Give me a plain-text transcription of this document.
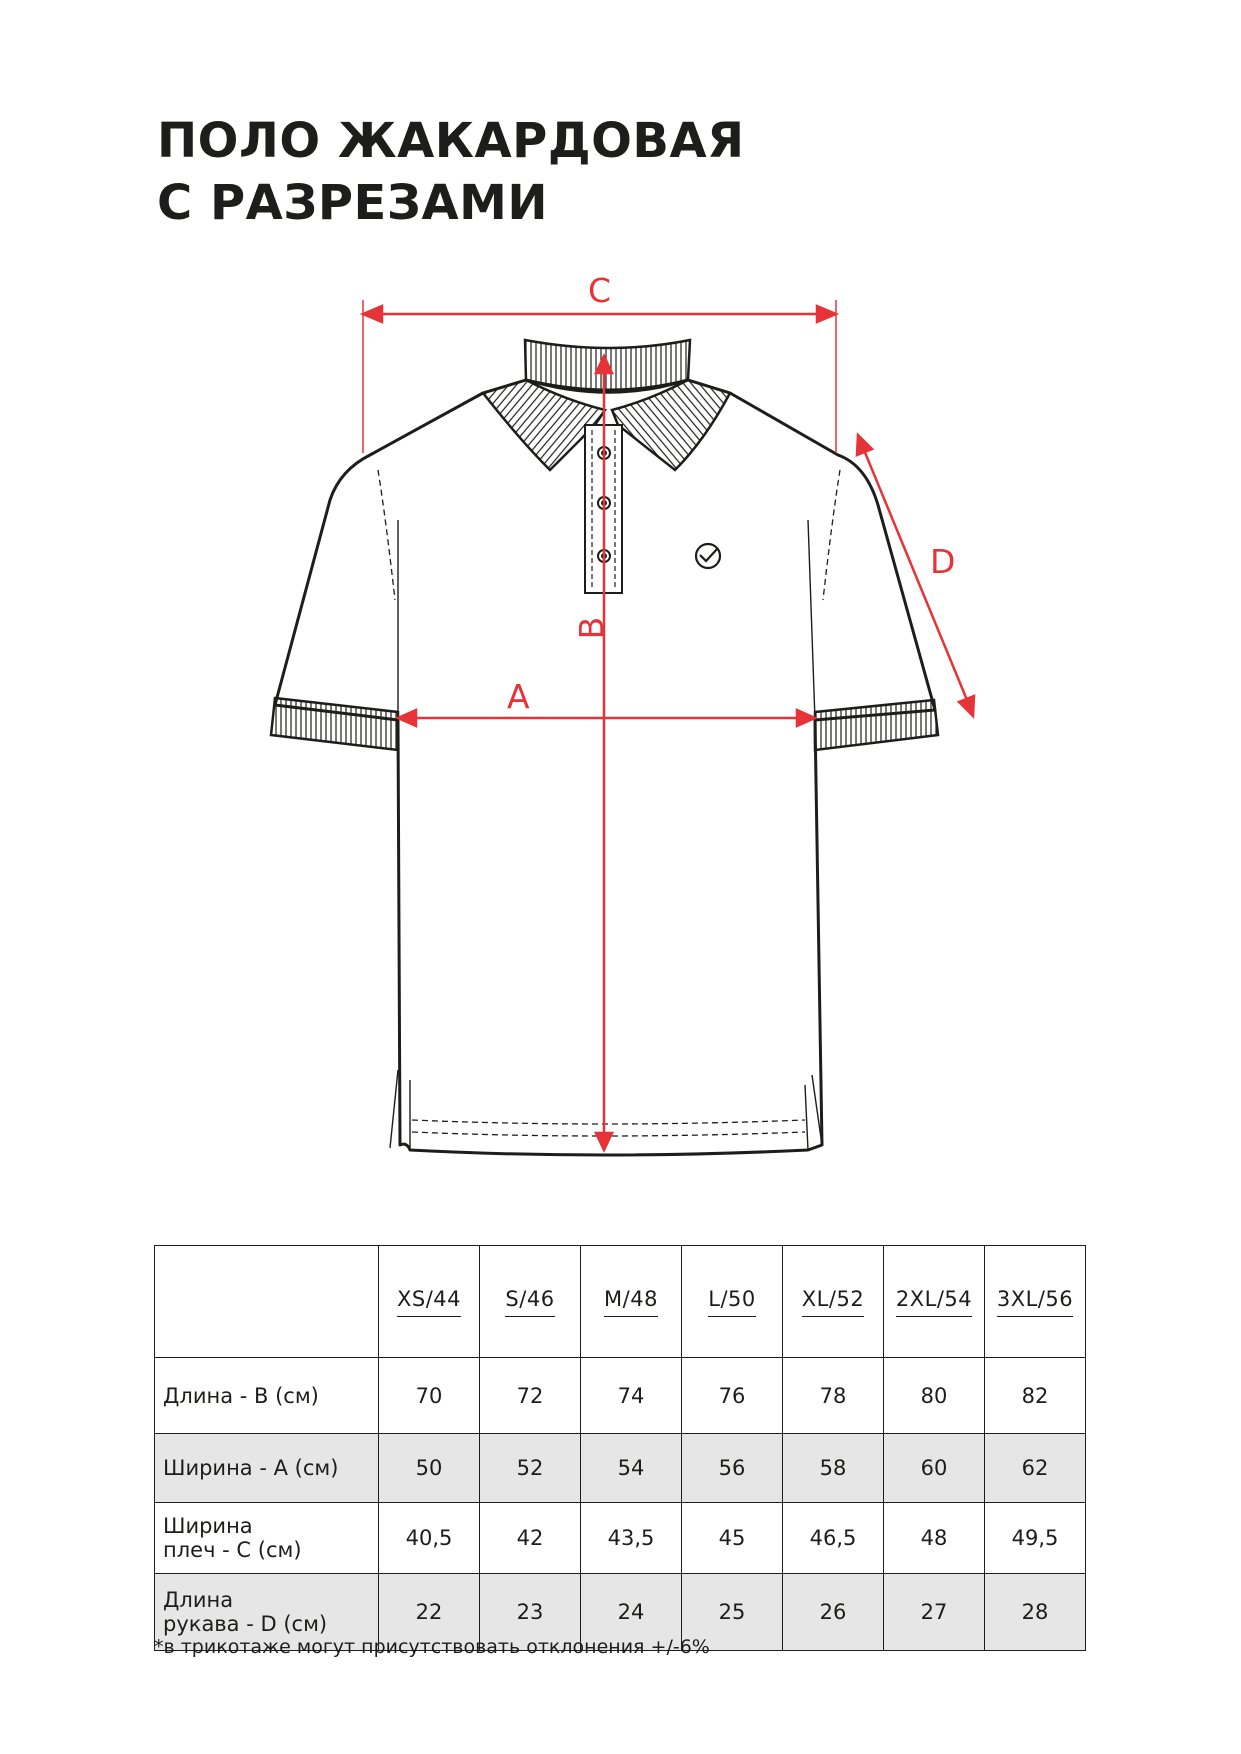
ПОЛО ЖАКАРДОВАЯ
С РАЗРЕЗАМИ
C
A
D
B
	XS/44	S/46	M/48	L/50	XL/52	2XL/54	3XL/56
Длина - В (см)	70	72	74	76	78	80	82
Ширина - А (см)	50	52	54	56	58	60	62
Ширина
плеч - С (см)	40,5	42	43,5	45	46,5	48	49,5
Длина
рукава - D (см)	22	23	24	25	26	27	28
*в трикотаже могут присутствовать отклонения +/-6%
